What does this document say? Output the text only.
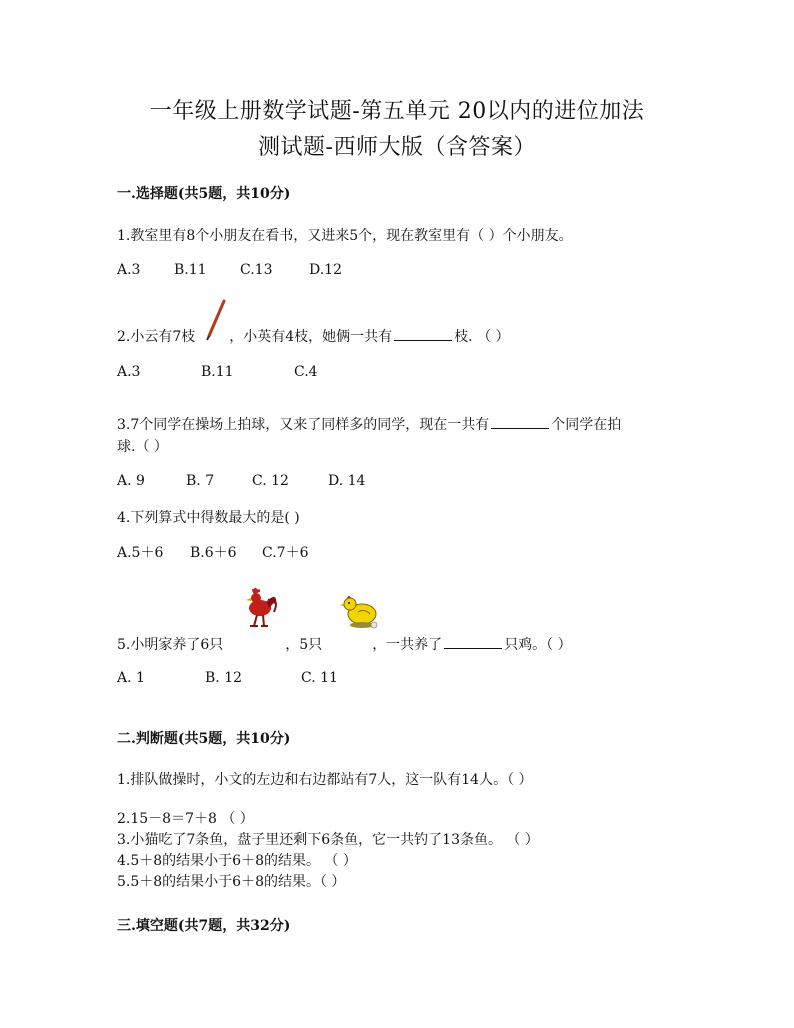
一年级上册数学试题-第五单元 20以内的进位加法
测试题-西师大版（含答案）
一.选择题(共5题，共10分)
1.教室里有8个小朋友在看书，又进来5个，现在教室里有（ ）个小朋友。
A.3 B.11 C.13	D.12
2.小云有7枝 ，小英有4枝，她俩一共有	枝. （ ）
A.3	B.11	C.4
3.7个同学在操场上拍球，又来了同样多的同学，现在一共有	个同学在拍
球.（ ）
A. 9	B. 7	C. 12	D. 14
4.下列算式中得数最大的是( )
A.5＋6 B.6＋6 C.7＋6
5.小明家养了6只	，5只	，一共养了	只鸡。（ ）
A. 1	B. 12	C. 11
二.判断题(共5题，共10分)
1.排队做操时，小文的左边和右边都站有7人，这一队有14人。（ ）
2.15－8＝7＋8 （ ）
3.小猫吃了7条鱼，盘子里还剩下6条鱼，它一共钓了13条鱼。 （ ）
4.5＋8的结果小于6＋8的结果。 （ ）
5.5＋8的结果小于6＋8的结果。（ ）
三.填空题(共7题，共32分)
